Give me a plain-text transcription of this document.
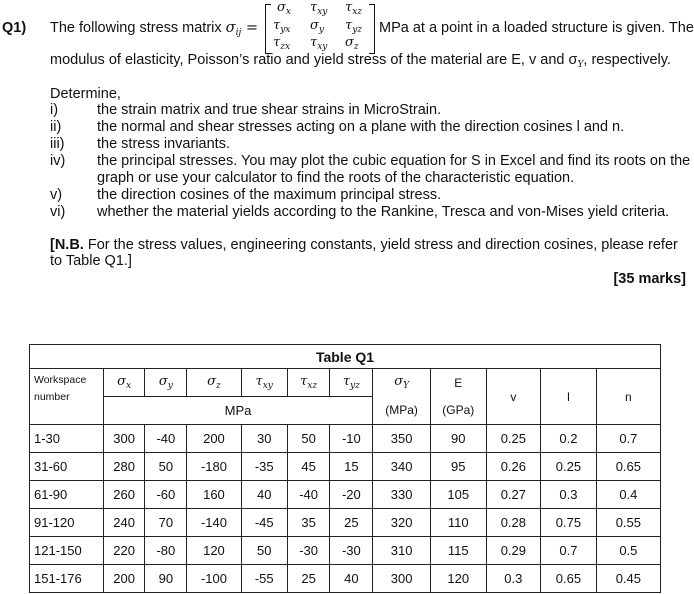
Q1) The following stress matrix $\sigma_{ij}$ =
$\sigma_x$ $\tau_{xy}$ $\tau_{xz}$
$\tau_{yx}$ $\sigma_y$ $\tau_{yz}$
$\tau_{zx}$ $\tau_{xy}$ $\sigma_z$
MPa at a point in a loaded structure is given. The
modulus of elasticity, Poisson’s ratio and yield stress of the material are E, v and $\sigma_Y$, respectively.
Determine,
i)	the strain matrix and true shear strains in MicroStrain.
ii) the normal and shear stresses acting on a plane with the direction cosines l and n.
iii) the stress invariants.
iv) the principal stresses. You may plot the cubic equation for S in Excel and find its roots on the
graph or use your calculator to find the roots of the characteristic equation.
v) the direction cosines of the maximum principal stress.
vi) whether the material yields according to the Rankine, Tresca and von-Mises yield criteria.
[N.B. For the stress values, engineering constants, yield stress and direction cosines, please refer
to Table Q1.]
[35 marks]
Table Q1											

Workspace
number	$\sigma_x$	$\sigma_y$	$\sigma_z$	$\tau_{xy}$	$\tau_{xz}$	$\tau_{yz}$	$\sigma_Y$	E	v	l	n
	MPa						(MPa)	(GPa)			
1-30	300	-40	200	30	50	-10	350	90	0.25	0.2	0.7
31-60	280	50	-180	-35	45	15	340	95	0.26	0.25	0.65
61-90	260	-60	160	40	-40	-20	330	105	0.27	0.3	0.4
91-120	240	70	-140	-45	35	25	320	110	0.28	0.75	0.55
121-150	220	-80	120	50	-30	-30	310	115	0.29	0.7	0.5
151-176	200	90	-100	-55	25	40	300	120	0.3	0.65	0.45
